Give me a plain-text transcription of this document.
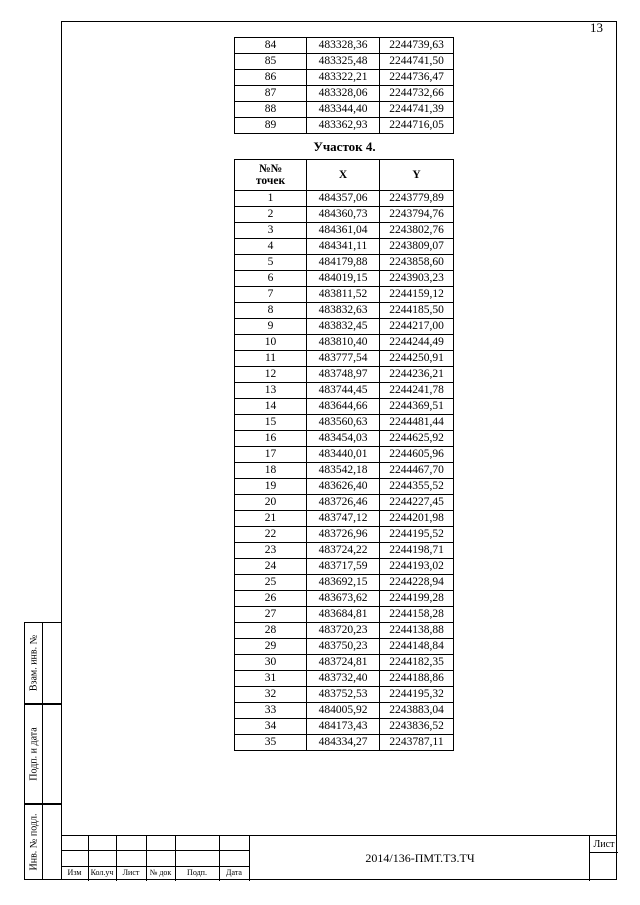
13
84	483328,36	2244739,63
85	483325,48	2244741,50
86	483322,21	2244736,47
87	483328,06	2244732,66
88	483344,40	2244741,39
89	483362,93	2244716,05
Участок 4.
№№
точек	X	Y
1	484357,06	2243779,89
2	484360,73	2243794,76
3	484361,04	2243802,76
4	484341,11	2243809,07
5	484179,88	2243858,60
6	484019,15	2243903,23
7	483811,52	2244159,12
8	483832,63	2244185,50
9	483832,45	2244217,00
10	483810,40	2244244,49
11	483777,54	2244250,91
12	483748,97	2244236,21
13	483744,45	2244241,78
14	483644,66	2244369,51
15	483560,63	2244481,44
16	483454,03	2244625,92
17	483440,01	2244605,96
18	483542,18	2244467,70
19	483626,40	2244355,52
20	483726,46	2244227,45
21	483747,12	2244201,98
22	483726,96	2244195,52
23	483724,22	2244198,71
24	483717,59	2244193,02
25	483692,15	2244228,94
26	483673,62	2244199,28
27	483684,81	2244158,28
28	483720,23	2244138,88
29	483750,23	2244148,84
30	483724,81	2244182,35
31	483732,40	2244188,86
32	483752,53	2244195,32
33	484005,92	2243883,04
34	484173,43	2243836,52
35	484334,27	2243787,11
Взам. инв. №
Подп. и дата
Инв. № подл.
Изм	Кол.уч	Лист	№ док	Подп.	Дата
2014/136-ПМТ.ТЗ.ТЧ
Лист
